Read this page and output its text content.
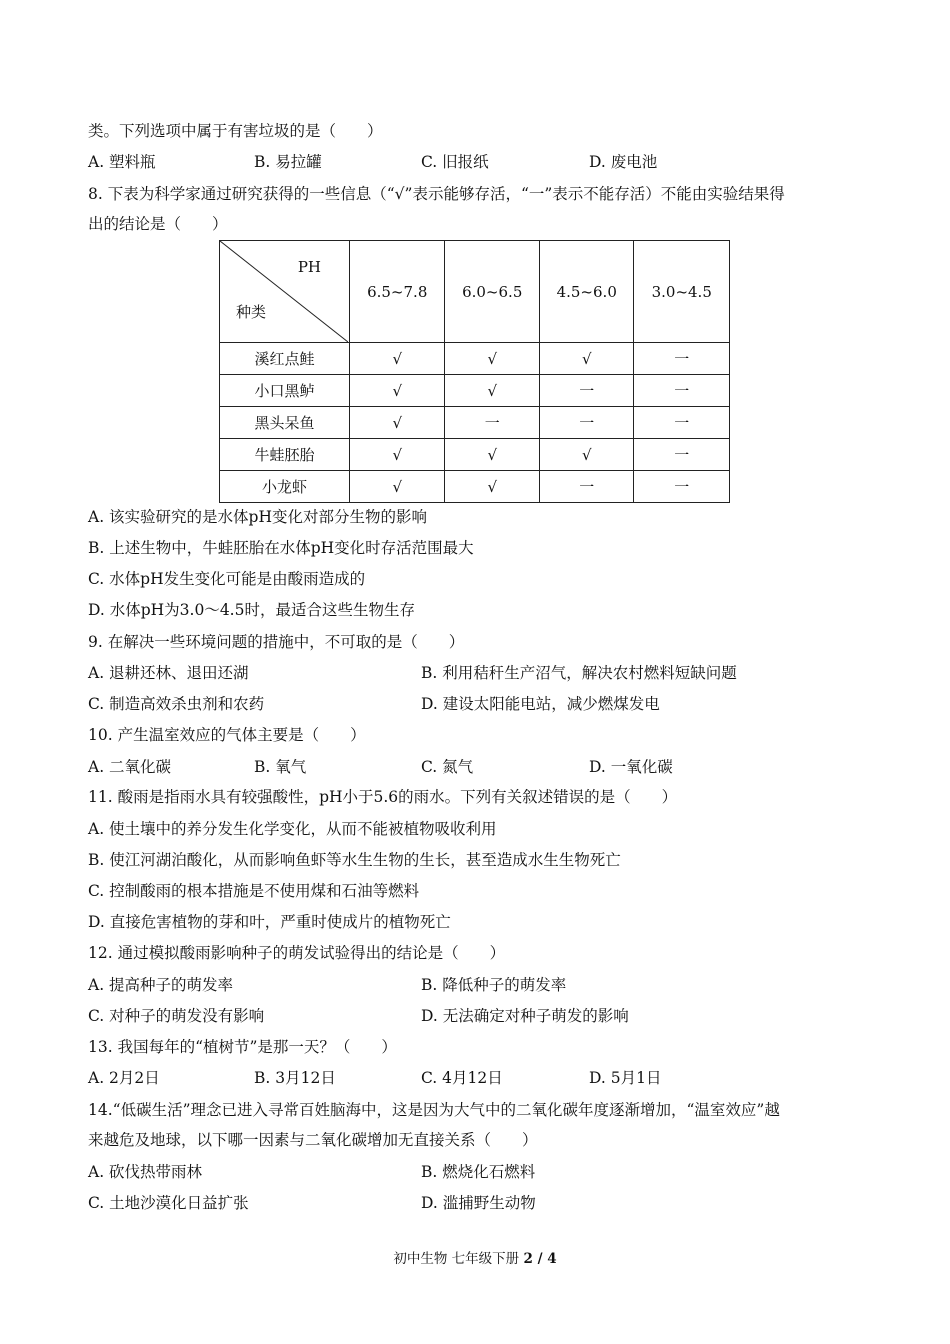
类。下列选项中属于有害垃圾的是（　　）
A. 塑料瓶	B. 易拉罐	C. 旧报纸	D. 废电池
8. 下表为科学家通过研究获得的一些信息（“√”表示能够存活，“一”表示不能存活）不能由实验结果得
出的结论是（　　）
PH
种类	6.5~7.8	6.0~6.5	4.5~6.0	3.0~4.5
溪红点鲑	√	√	√	一
小口黑鲈	√	√	一	一
黑头呆鱼	√	一	一	一
牛蛙胚胎	√	√	√	一
小龙虾	√	√	一	一
A. 该实验研究的是水体pH变化对部分生物的影响
B. 上述生物中，牛蛙胚胎在水体pH变化时存活范围最大
C. 水体pH发生变化可能是由酸雨造成的
D. 水体pH为3.0～4.5时，最适合这些生物生存
9. 在解决一些环境问题的措施中，不可取的是（　　）
A. 退耕还林、退田还湖	B. 利用秸秆生产沼气，解决农村燃料短缺问题
C. 制造高效杀虫剂和农药	D. 建设太阳能电站，减少燃煤发电
10. 产生温室效应的气体主要是（　　）
A. 二氧化碳	B. 氧气	C. 氮气	D. 一氧化碳
11. 酸雨是指雨水具有较强酸性，pH小于5.6的雨水。下列有关叙述错误的是（　　）
A. 使土壤中的养分发生化学变化，从而不能被植物吸收利用
B. 使江河湖泊酸化，从而影响鱼虾等水生生物的生长，甚至造成水生生物死亡
C. 控制酸雨的根本措施是不使用煤和石油等燃料
D. 直接危害植物的芽和叶，严重时使成片的植物死亡
12. 通过模拟酸雨影响种子的萌发试验得出的结论是（　　）
A. 提高种子的萌发率	B. 降低种子的萌发率
C. 对种子的萌发没有影响	D. 无法确定对种子萌发的影响
13. 我国每年的“植树节”是那一天？（　　）
A. 2月2日	B. 3月12日	C. 4月12日	D. 5月1日
14.“低碳生活”理念已进入寻常百姓脑海中，这是因为大气中的二氧化碳年度逐渐增加，“温室效应”越
来越危及地球，以下哪一因素与二氧化碳增加无直接关系（　　）
A. 砍伐热带雨林	B. 燃烧化石燃料
C. 土地沙漠化日益扩张	D. 滥捕野生动物
初中生物 七年级下册 2 / 4
